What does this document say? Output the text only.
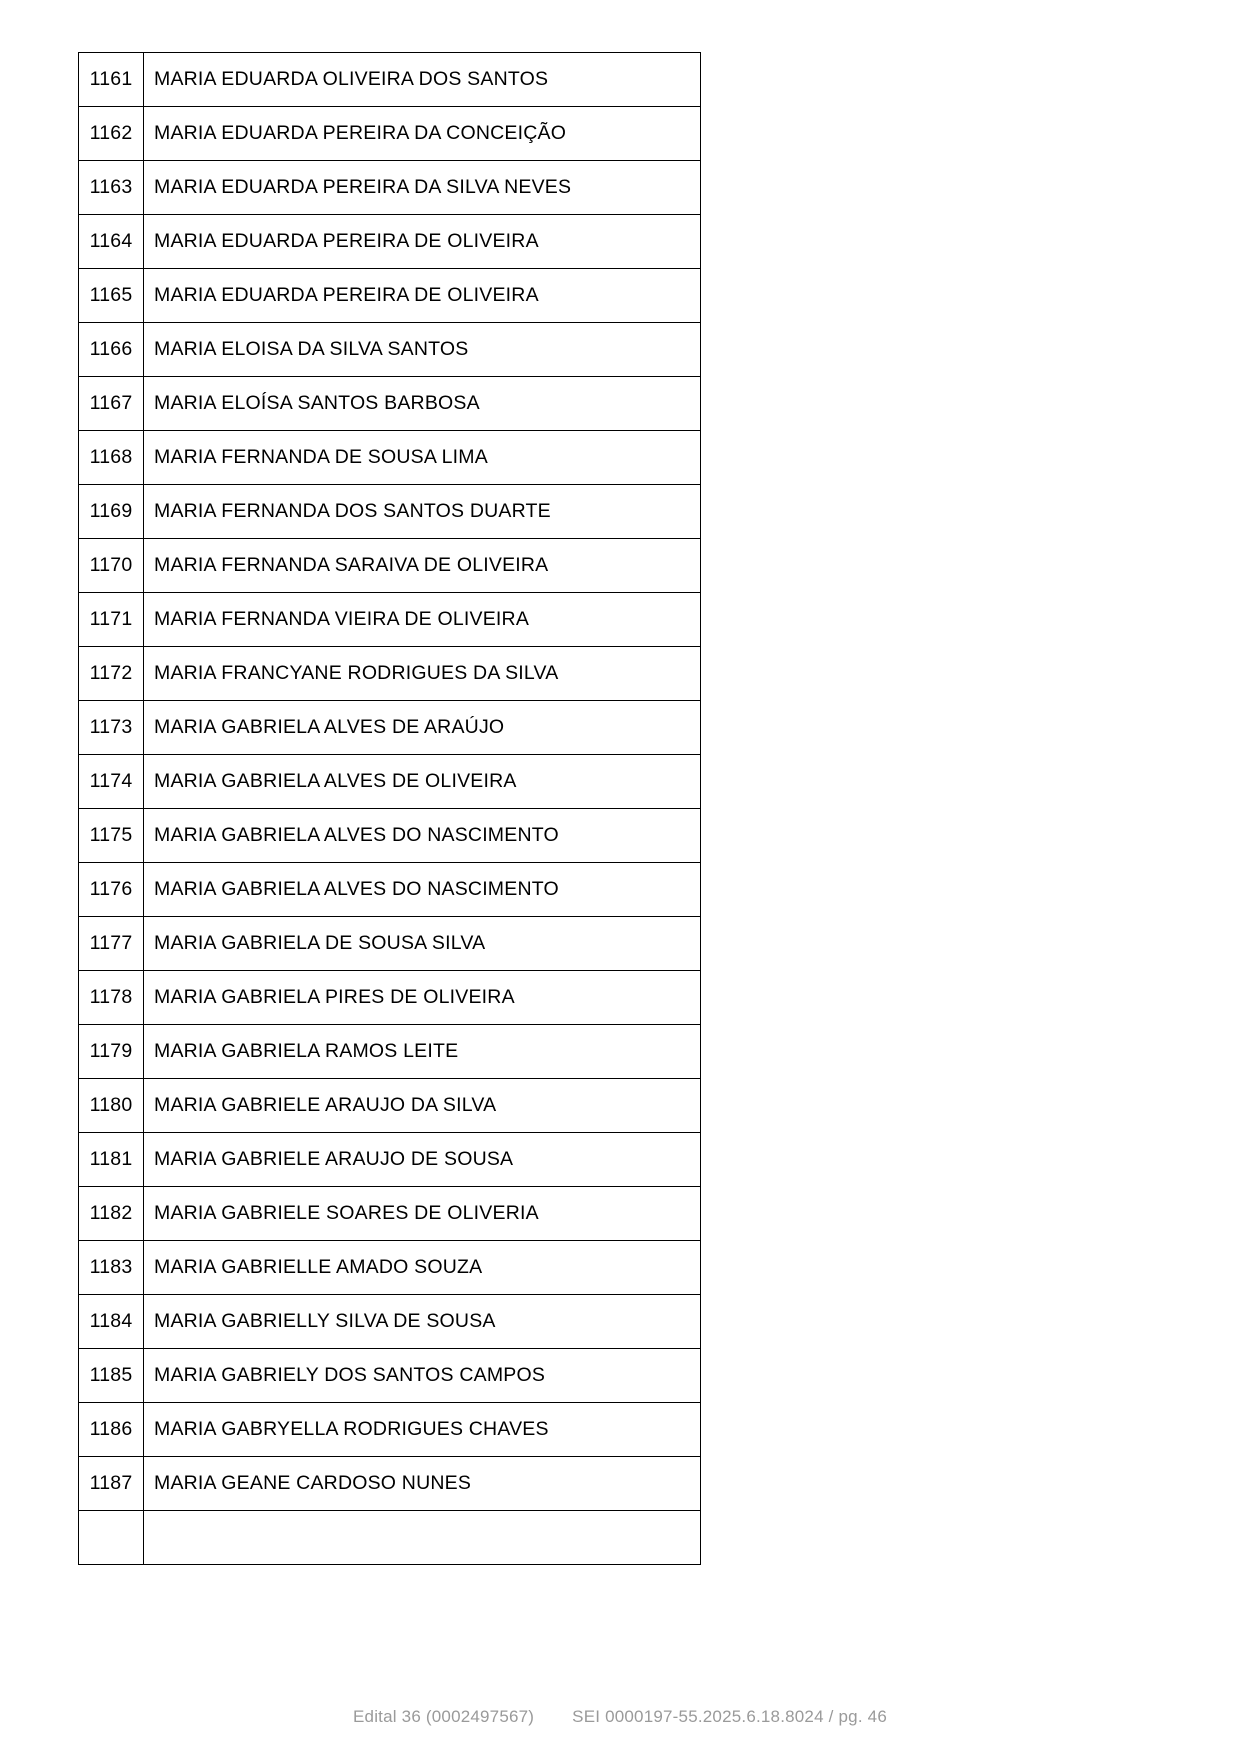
1161	MARIA EDUARDA OLIVEIRA DOS SANTOS
1162	MARIA EDUARDA PEREIRA DA CONCEIÇÃO
1163	MARIA EDUARDA PEREIRA DA SILVA NEVES
1164	MARIA EDUARDA PEREIRA DE OLIVEIRA
1165	MARIA EDUARDA PEREIRA DE OLIVEIRA
1166	MARIA ELOISA DA SILVA SANTOS
1167	MARIA ELOÍSA SANTOS BARBOSA
1168	MARIA FERNANDA DE SOUSA LIMA
1169	MARIA FERNANDA DOS SANTOS DUARTE
1170	MARIA FERNANDA SARAIVA DE OLIVEIRA
1171	MARIA FERNANDA VIEIRA DE OLIVEIRA
1172	MARIA FRANCYANE RODRIGUES DA SILVA
1173	MARIA GABRIELA ALVES DE ARAÚJO
1174	MARIA GABRIELA ALVES DE OLIVEIRA
1175	MARIA GABRIELA ALVES DO NASCIMENTO
1176	MARIA GABRIELA ALVES DO NASCIMENTO
1177	MARIA GABRIELA DE SOUSA SILVA
1178	MARIA GABRIELA PIRES DE OLIVEIRA
1179	MARIA GABRIELA RAMOS LEITE
1180	MARIA GABRIELE ARAUJO DA SILVA
1181	MARIA GABRIELE ARAUJO DE SOUSA
1182	MARIA GABRIELE SOARES DE OLIVERIA
1183	MARIA GABRIELLE AMADO SOUZA
1184	MARIA GABRIELLY SILVA DE SOUSA
1185	MARIA GABRIELY DOS SANTOS CAMPOS
1186	MARIA GABRYELLA RODRIGUES CHAVES
1187	MARIA GEANE CARDOSO NUNES

Edital 36 (0002497567) SEI 0000197-55.2025.6.18.8024 / pg. 46
